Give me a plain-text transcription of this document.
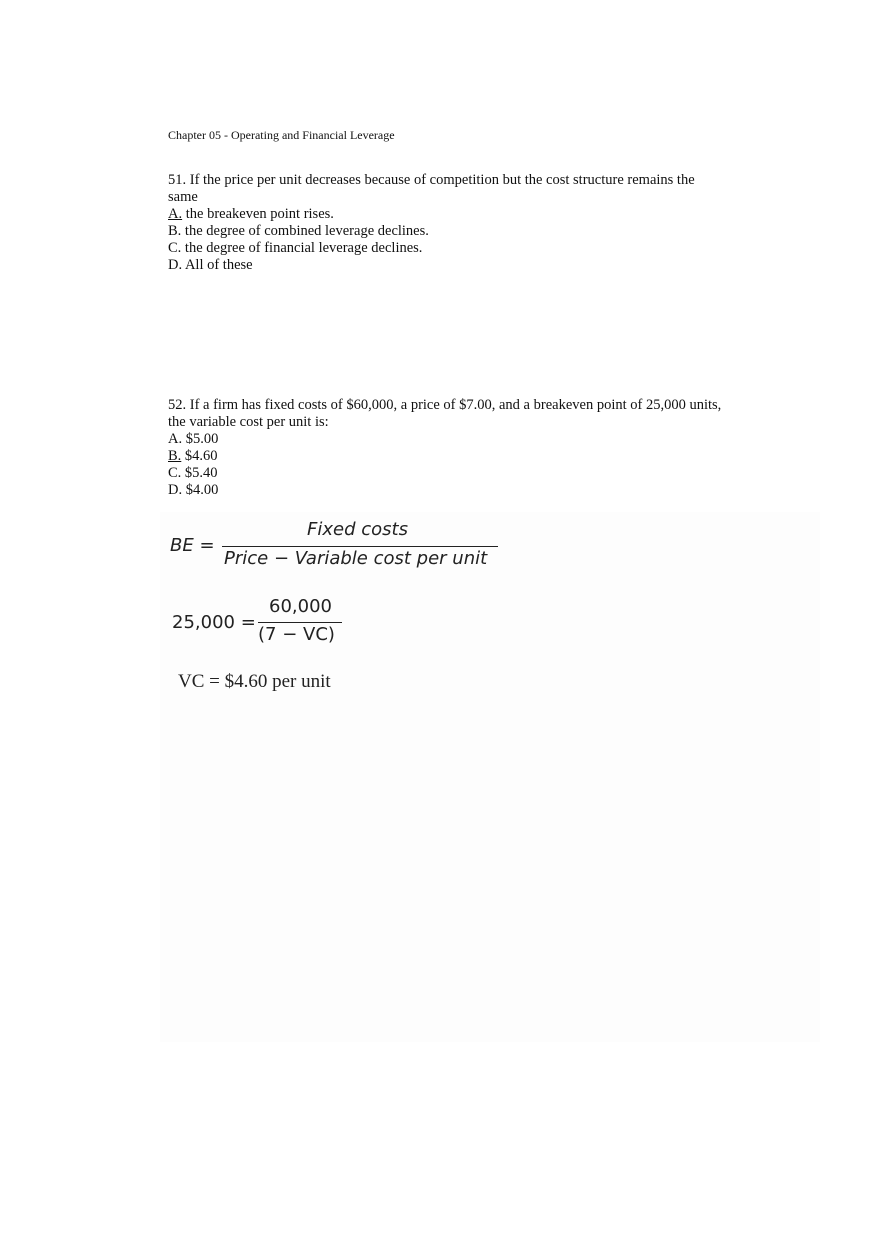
Chapter 05 - Operating and Financial Leverage
51. If the price per unit decreases because of competition but the cost structure remains the same
A. the breakeven point rises.
B. the degree of combined leverage declines.
C. the degree of financial leverage declines.
D. All of these
52. If a firm has fixed costs of $60,000, a price of $7.00, and a breakeven point of 25,000 units, the variable cost per unit is:
A. $5.00
B. $4.60
C. $5.40
D. $4.00
BE =
Fixed costs
Price − Variable cost per unit
25,000 =
60,000
(7 − VC)
VC = $4.60 per unit
